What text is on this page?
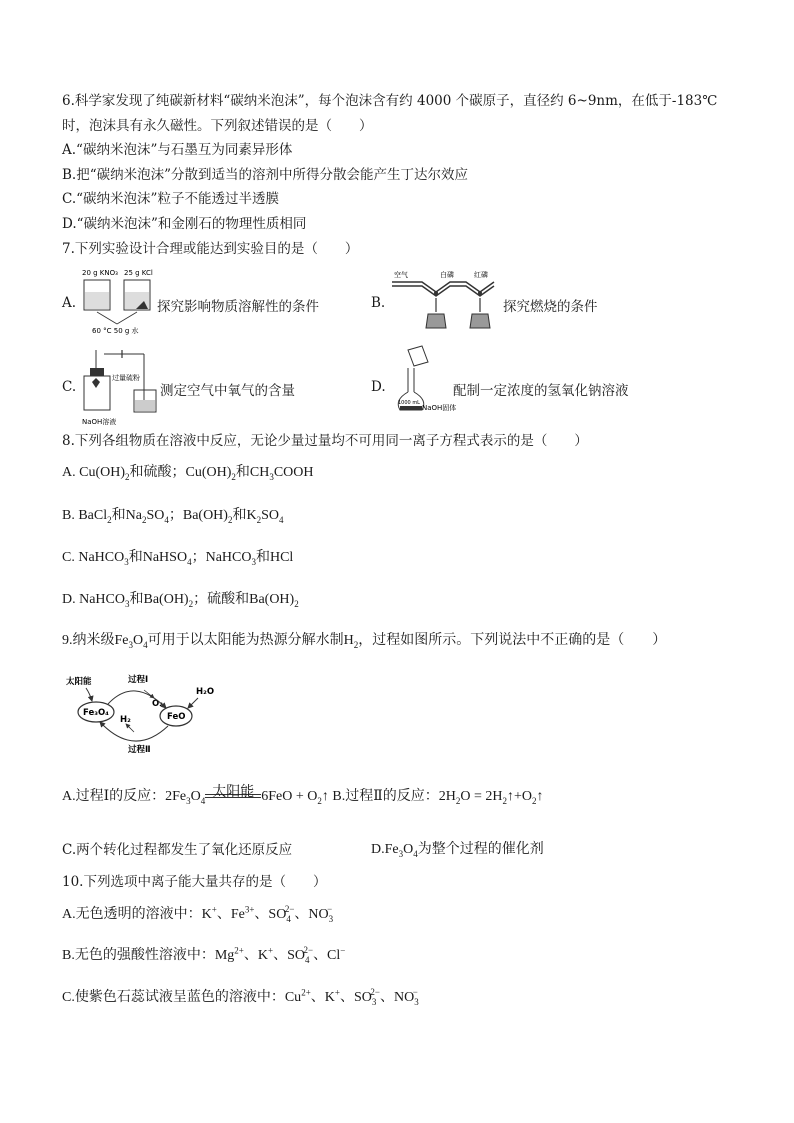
6.科学家发现了纯碳新材料“碳纳米泡沫”，每个泡沫含有约 4000 个碳原子，直径约 6~9nm，在低于-183℃
时，泡沫具有永久磁性。下列叙述错误的是（　　）
A.“碳纳米泡沫”与石墨互为同素异形体
B.把“碳纳米泡沫”分散到适当的溶剂中所得分散会能产生丁达尔效应
C.“碳纳米泡沫”粒子不能透过半透膜
D.“碳纳米泡沫”和金刚石的物理性质相同
7.下列实验设计合理或能达到实验目的是（　　）
A.
20 g KNO₃ 25 g KCl
60 °C 50 g 水
探究影响物质溶解性的条件	B.
空气	白磷	红磷
探究燃烧的条件
C.
过量硫粉
NaOH溶液
测定空气中氧气的含量	D.
1000 mL
NaOH固体
配制一定浓度的氢氧化钠溶液
8.下列各组物质在溶液中反应，无论少量过量均不可用同一离子方程式表示的是（　　）
A. $Cu(OH)_2$和硫酸；$Cu(OH)_2$和$CH_3COOH$
B. BaCl$_2$和$Na_2SO_4$；$Ba(OH)_2$和$K_2SO_4$
C. NaHCO$_3$和NaHSO$_4$；NaHCO$_3$和HCl
D. NaHCO$_3$和$Ba(OH)_2$；硫酸和$Ba(OH)_2$
9.纳米级$Fe_3O_4$可用于以太阳能为热源分解水制$H_2$，过程如图所示。下列说法中不正确的是（　　）
太阳能	过程Ⅰ
O₂
H₂O
H₂
过程Ⅱ
Fe₃O₄	FeO
A.过程Ⅰ的反应：$2Fe_3O_4$
太阳能 $6FeO + O_2↑$ B.过程Ⅱ的反应：$2H_2O$ = $2H_2↑+O_2↑$
C.两个转化过程都发生了氧化还原反应	$D.Fe_3O_4$为整个过程的催化剂
10.下列选项中离子能大量共存的是（　　）
A.无色透明的溶液中：K+、$Fe^{3+}$、$SO_4^{2-}$、$NO_3^-$
B.无色的强酸性溶液中：$Mg^{2+}$、K+、$SO_4^{2-}$、Cl−
C.使紫色石蕊试液呈蓝色的溶液中：$Cu^{2+}$、K+、$SO_3^{2-}$、$NO_3^-$
